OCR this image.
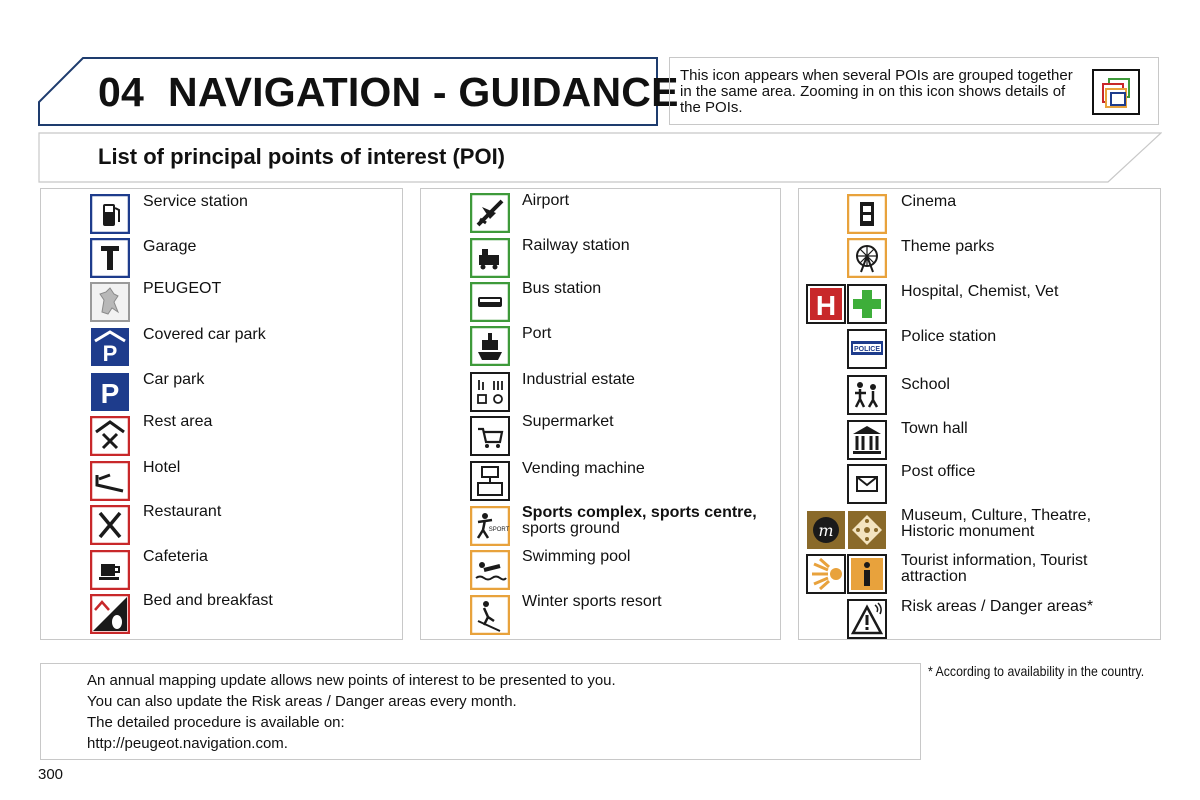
04 NAVIGATION - GUIDANCE This icon appears when several POIs are grouped together in the same area. Zooming in on this icon shows details of the POIs.
List of principal points of interest (POI)
Service station
Garage
PEUGEOT
P
Covered car park
P Car park
Rest area
Hotel
Restaurant
Cafeteria
Bed and breakfast
Airport
Railway station
Bus station
Port
Industrial estate
Supermarket
Vending machine
SPORT
Sports complex, sports centre,
sports ground
Swimming pool
Winter sports resort
Cinema
Theme parks
H	Hospital, Chemist, Vet
POLICE
Police station
School
Town hall
Post office
m
Museum, Culture, Theatre,
Historic monument
Tourist information, Tourist
attraction
Risk areas / Danger areas*
An annual mapping update allows new points of interest to be presented to you.
You can also update the Risk areas / Danger areas every month.
The detailed procedure is available on:
http://peugeot.navigation.com.
* According to availability in the country.
300
